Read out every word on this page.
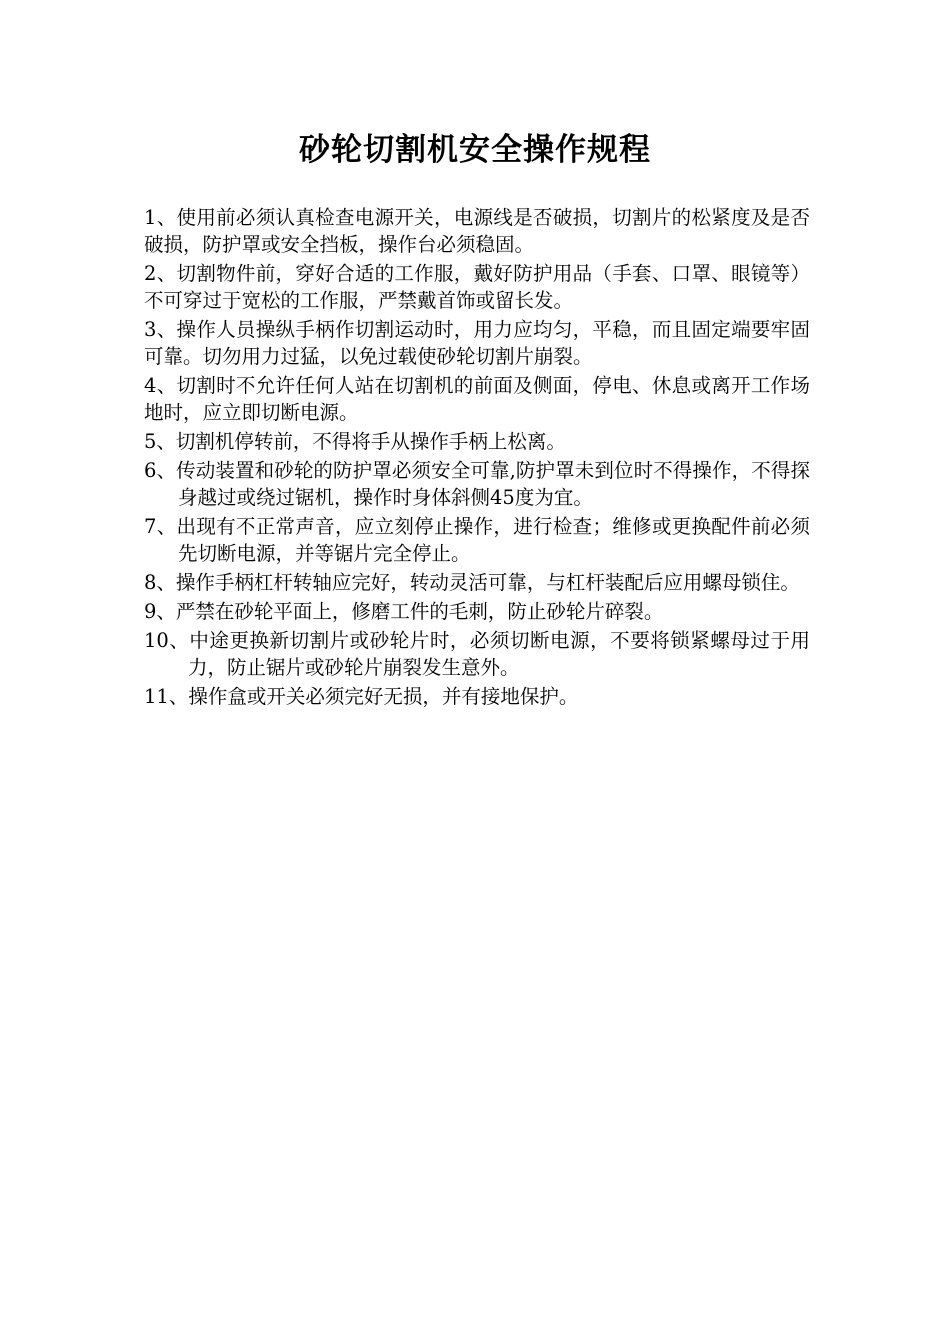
砂轮切割机安全操作规程
1、使用前必须认真检查电源开关，电源线是否破损，切割片的松紧度及是否破损，防护罩或安全挡板，操作台必须稳固。
2、切割物件前，穿好合适的工作服，戴好防护用品（手套、口罩、眼镜等）不可穿过于宽松的工作服，严禁戴首饰或留长发。
3、操作人员操纵手柄作切割运动时，用力应均匀，平稳，而且固定端要牢固可靠。切勿用力过猛，以免过载使砂轮切割片崩裂。
4、切割时不允许任何人站在切割机的前面及侧面，停电、休息或离开工作场地时，应立即切断电源。
5、切割机停转前，不得将手从操作手柄上松离。
6、传动装置和砂轮的防护罩必须安全可靠,防护罩未到位时不得操作，不得探身越过或绕过锯机，操作时身体斜侧45度为宜。
7、出现有不正常声音，应立刻停止操作，进行检查；维修或更换配件前必须先切断电源，并等锯片完全停止。
8、操作手柄杠杆转轴应完好，转动灵活可靠，与杠杆装配后应用螺母锁住。
9、严禁在砂轮平面上，修磨工件的毛刺，防止砂轮片碎裂。
10、中途更换新切割片或砂轮片时，必须切断电源，不要将锁紧螺母过于用力，防止锯片或砂轮片崩裂发生意外。
11、操作盒或开关必须完好无损，并有接地保护。
